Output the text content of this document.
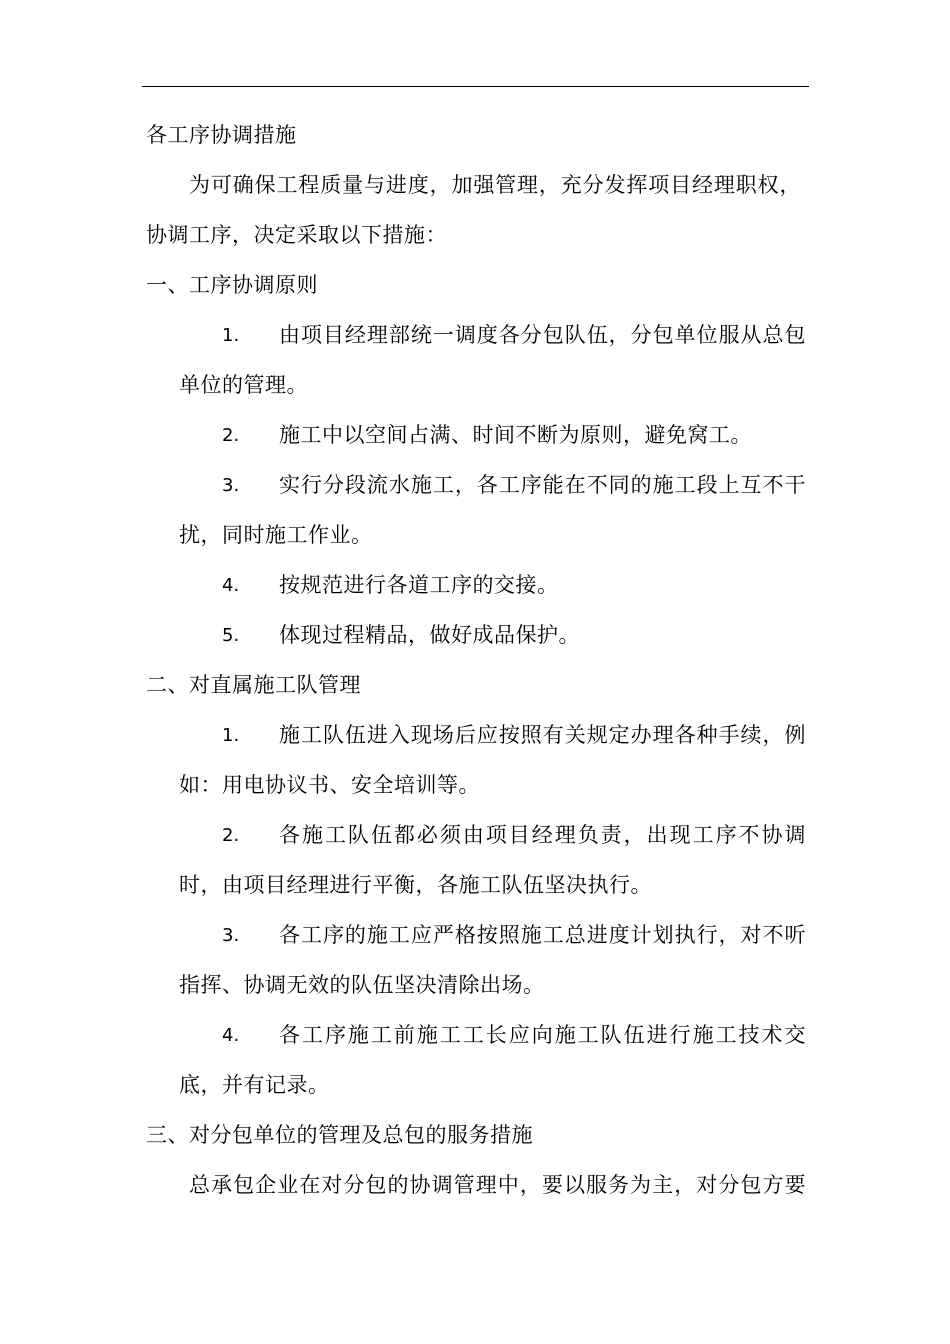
各工序协调措施
为可确保工程质量与进度，加强管理，充分发挥项目经理职权，
协调工序，决定采取以下措施：
一、工序协调原则
1. 由项目经理部统一调度各分包队伍，分包单位服从总包
单位的管理。
2. 施工中以空间占满、时间不断为原则，避免窝工。
3. 实行分段流水施工，各工序能在不同的施工段上互不干
扰，同时施工作业。
4. 按规范进行各道工序的交接。
5. 体现过程精品，做好成品保护。
二、对直属施工队管理
1. 施工队伍进入现场后应按照有关规定办理各种手续，例
如：用电协议书、安全培训等。
2. 各施工队伍都必须由项目经理负责，出现工序不协调
时，由项目经理进行平衡，各施工队伍坚决执行。
3. 各工序的施工应严格按照施工总进度计划执行，对不听
指挥、协调无效的队伍坚决清除出场。
4. 各工序施工前施工工长应向施工队伍进行施工技术交
底，并有记录。
三、对分包单位的管理及总包的服务措施
总承包企业在对分包的协调管理中，要以服务为主，对分包方要
